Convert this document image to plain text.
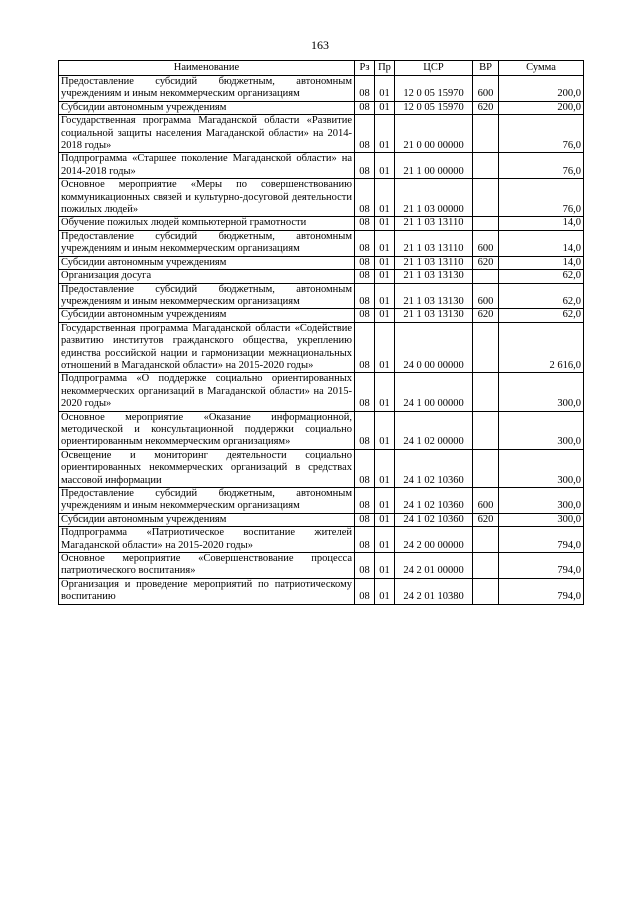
163
Наименование	Рз	Пр	ЦСР	ВР	Сумма
Предоставление субсидий бюджетным, автономным учреждениям и иным некоммерческим организациям	08	01	12 0 05 15970	600	200,0
Субсидии автономным учреждениям	08	01	12 0 05 15970	620	200,0
Государственная программа Магаданской области «Развитие социальной защиты населения Магаданской области» на 2014-2018 годы»	08	01	21 0 00 00000		76,0
Подпрограмма «Старшее поколение Магаданской области» на 2014-2018 годы»	08	01	21 1 00 00000		76,0
Основное мероприятие «Меры по совершенствованию коммуникационных связей и культурно-досуговой деятельности пожилых людей»	08	01	21 1 03 00000		76,0
Обучение пожилых людей компьютерной грамотности	08	01	21 1 03 13110		14,0
Предоставление субсидий бюджетным, автономным учреждениям и иным некоммерческим организациям	08	01	21 1 03 13110	600	14,0
Субсидии автономным учреждениям	08	01	21 1 03 13110	620	14,0
Организация досуга	08	01	21 1 03 13130		62,0
Предоставление субсидий бюджетным, автономным учреждениям и иным некоммерческим организациям	08	01	21 1 03 13130	600	62,0
Субсидии автономным учреждениям	08	01	21 1 03 13130	620	62,0
Государственная программа Магаданской области «Содействие развитию институтов гражданского общества, укреплению единства российской нации и гармонизации межнациональных отношений в Магаданской области» на 2015-2020 годы»	08	01	24 0 00 00000		2 616,0
Подпрограмма «О поддержке социально ориентированных некоммерческих организаций в Магаданской области» на 2015-2020 годы»	08	01	24 1 00 00000		300,0
Основное мероприятие «Оказание информационной, методической и консультационной поддержки социально ориентированным некоммерческим организациям»	08	01	24 1 02 00000		300,0
Освещение и мониторинг деятельности социально ориентированных некоммерческих организаций в средствах массовой информации	08	01	24 1 02 10360		300,0
Предоставление субсидий бюджетным, автономным учреждениям и иным некоммерческим организациям	08	01	24 1 02 10360	600	300,0
Субсидии автономным учреждениям	08	01	24 1 02 10360	620	300,0
Подпрограмма «Патриотическое воспитание жителей Магаданской области» на 2015-2020 годы»	08	01	24 2 00 00000		794,0
Основное мероприятие «Совершенствование процесса патриотического воспитания»	08	01	24 2 01 00000		794,0
Организация и проведение мероприятий по патриотическому воспитанию	08	01	24 2 01 10380		794,0
